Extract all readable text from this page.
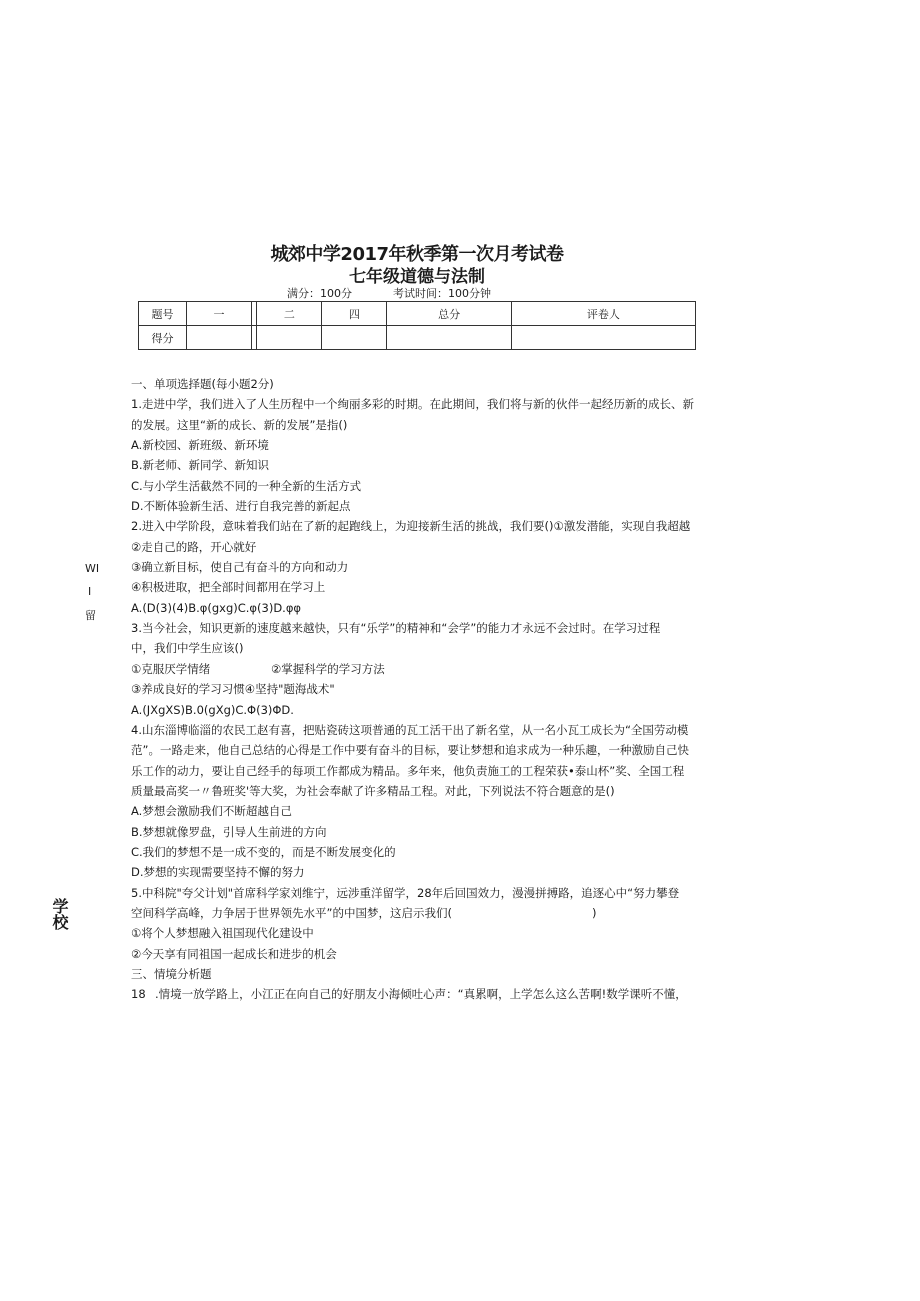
城郊中学2017年秋季第一次月考试卷
七年级道德与法制
满分：100分	考试时间：100分钟
题号	一		二	四	总分	评卷人
得分						
WI
I
留
学校
一、单项选择题(每小题2分)
1.走进中学，我们进入了人生历程中一个绚丽多彩的时期。在此期间，我们将与新的伙伴一起经历新的成长、新
的发展。这里“新的成长、新的发展”是指()
A.新校园、新班级、新环境
B.新老师、新同学、新知识
C.与小学生活截然不同的一种全新的生活方式
D.不断体验新生活、进行自我完善的新起点
2.进入中学阶段，意味着我们站在了新的起跑线上，为迎接新生活的挑战，我们要()①激发潜能，实现自我超越
②走自己的路，开心就好
③确立新目标，使自己有奋斗的方向和动力
④积极进取，把全部时间都用在学习上
A.(D(3)(4)B.φ(gxg)C.φ(3)D.φφ
3.当今社会，知识更新的速度越来越快，只有“乐学”的精神和“会学”的能力才永远不会过时。在学习过程
中，我们中学生应该()
①克服厌学情绪	②掌握科学的学习方法
③养成良好的学习习惯④坚持"题海战术"
A.(JXgXS)B.0(gXg)C.Φ(3)ΦD.
4.山东淄博临淄的农民工赵有喜，把贴瓷砖这项普通的瓦工活干出了新名堂，从一名小瓦工成长为“全国劳动模
范”。一路走来，他自己总结的心得是工作中要有奋斗的目标，要让梦想和追求成为一种乐趣，一种激励自己快
乐工作的动力，要让自己经手的每项工作都成为精品。多年来，他负责施工的工程荣获•泰山杯”奖、全国工程
质量最高奖一〃鲁班奖'等大奖，为社会奉献了许多精品工程。对此，下列说法不符合题意的是()
A.梦想会激励我们不断超越自己
B.梦想就像罗盘，引导人生前进的方向
C.我们的梦想不是一成不变的，而是不断发展变化的
D.梦想的实现需要坚持不懈的努力
5.中科院"夸父计划"首席科学家刘维宁，远涉重洋留学，28年后回国效力，漫漫拼搏路，追逐心中“努力攀登
空间科学高峰，力争居于世界领先水平”的中国梦，这启示我们(	)
①将个人梦想融入祖国现代化建设中
②今天享有同祖国一起成长和进步的机会
三、情境分析题
18 .情境一放学路上，小江正在向自己的好朋友小海倾吐心声：“真累啊，上学怎么这么苦啊!数学课听不懂，
